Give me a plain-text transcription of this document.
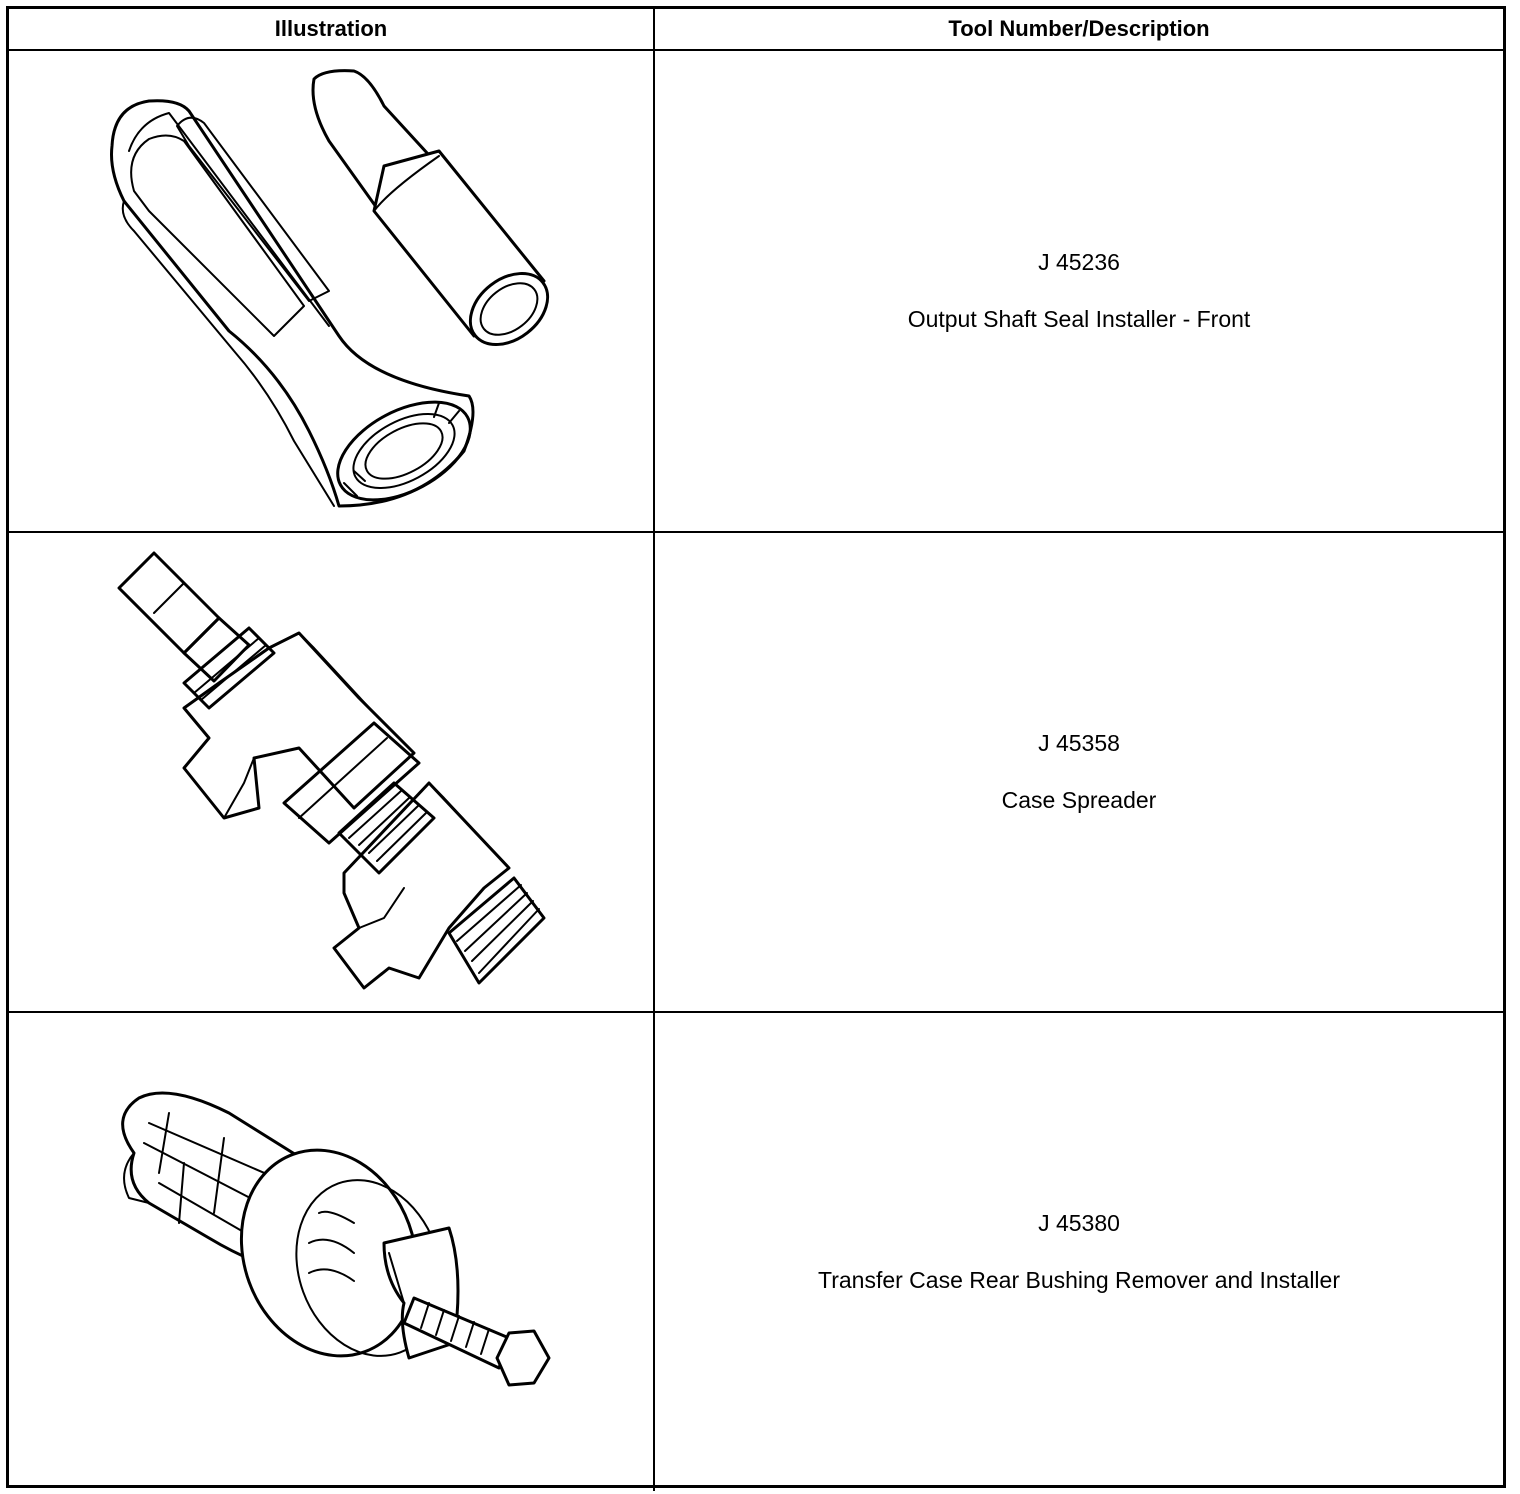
Illustration	Tool Number/Description
J 45236
Output Shaft Seal Installer - Front
J 45358
Case Spreader
J 45380
Transfer Case Rear Bushing Remover and Installer
